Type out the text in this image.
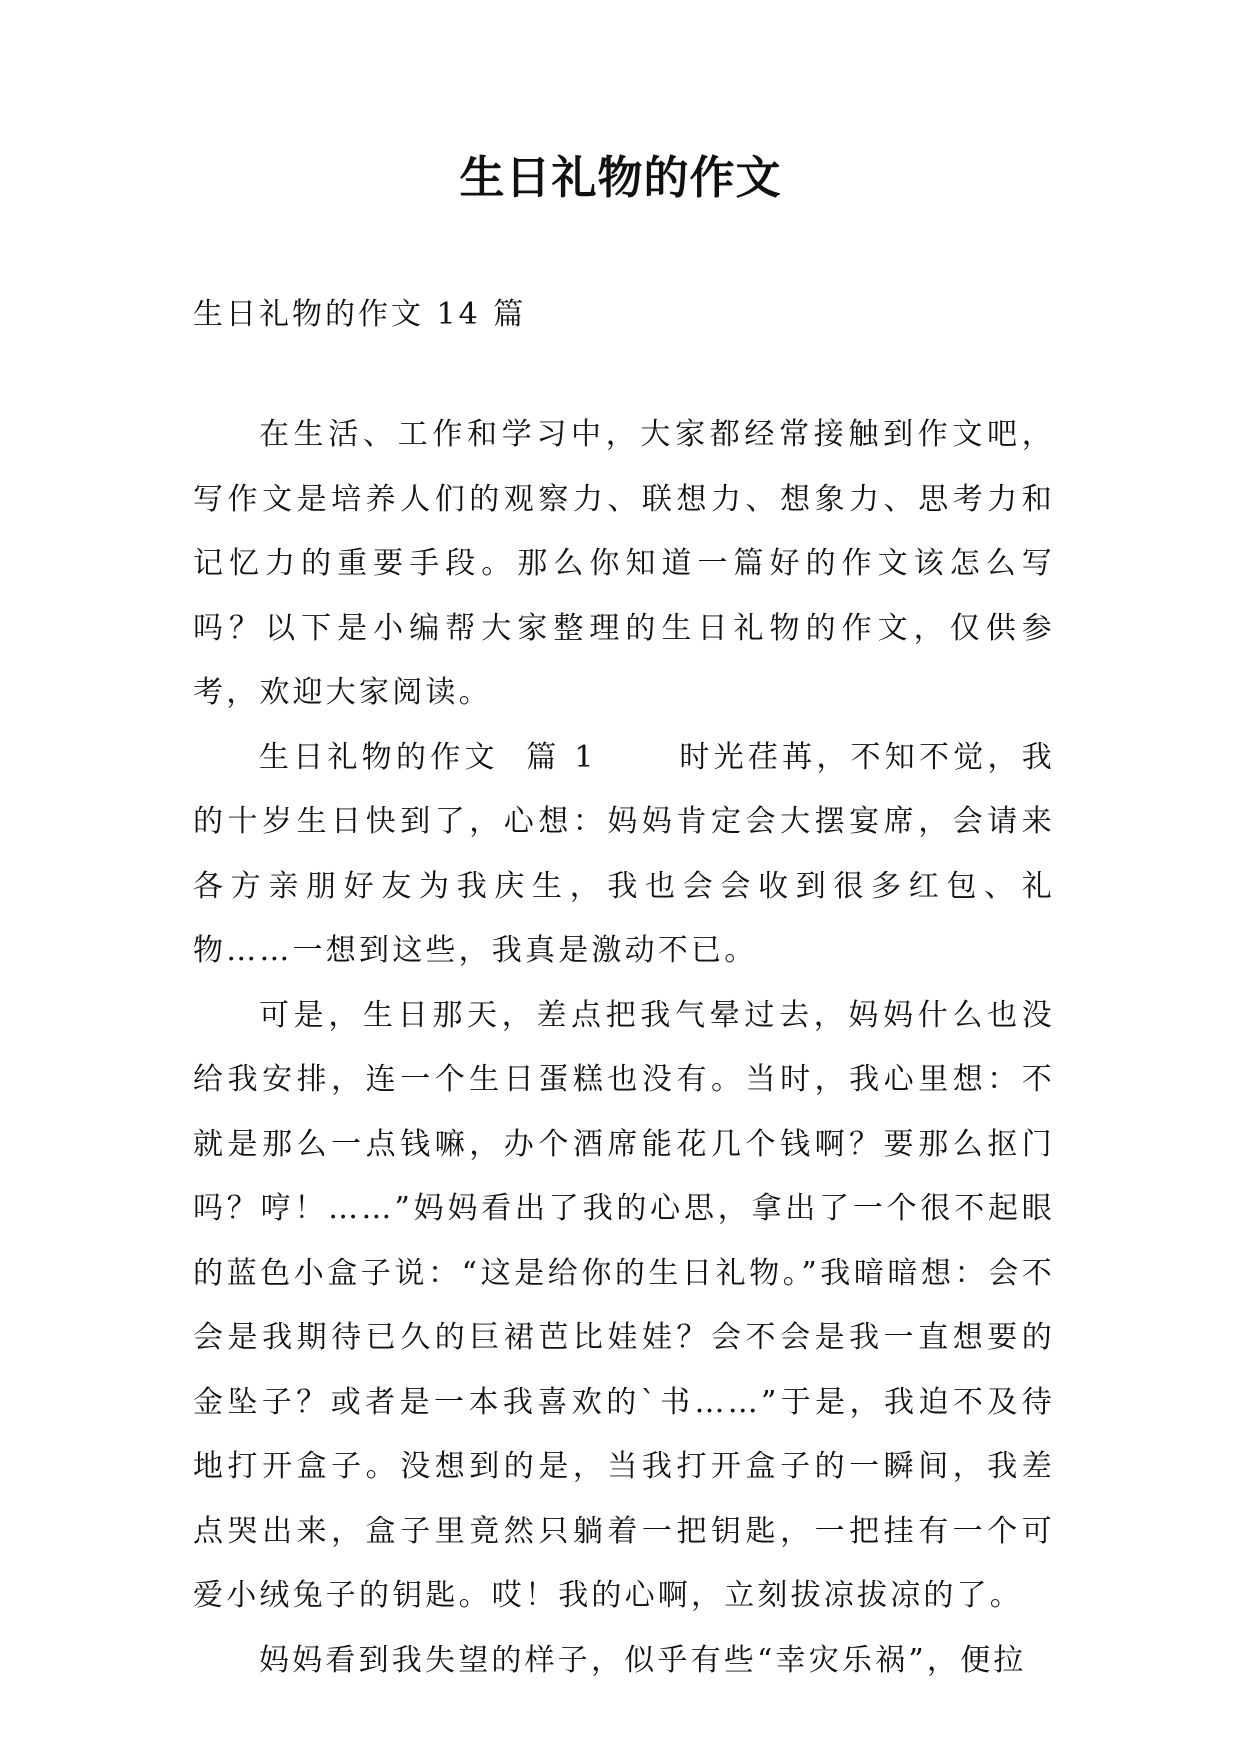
生日礼物的作文
生日礼物的作文 14 篇

在生活、工作和学习中，大家都经常接触到作文吧，写作文是培养人们的观察力、联想力、想象力、思考力和记忆力的重要手段。那么你知道一篇好的作文该怎么写吗？以下是小编帮大家整理的生日礼物的作文，仅供参考，欢迎大家阅读。

生日礼物的作文  篇 1	时光荏苒，不知不觉，我的十岁生日快到了，心想：妈妈肯定会大摆宴席，会请来各方亲朋好友为我庆生，我也会会收到很多红包、礼物……一想到这些，我真是激动不已。

可是，生日那天，差点把我气晕过去，妈妈什么也没给我安排，连一个生日蛋糕也没有。当时，我心里想：不就是那么一点钱嘛，办个酒席能花几个钱啊？要那么抠门吗？哼！……”妈妈看出了我的心思，拿出了一个很不起眼的蓝色小盒子说：“这是给你的生日礼物。”我暗暗想：会不会是我期待已久的巨裙芭比娃娃？会不会是我一直想要的金坠子？或者是一本我喜欢的`书……”于是，我迫不及待地打开盒子。没想到的是，当我打开盒子的一瞬间，我差点哭出来，盒子里竟然只躺着一把钥匙，一把挂有一个可爱小绒兔子的钥匙。哎！我的心啊，立刻拔凉拔凉的了。

妈妈看到我失望的样子，似乎有些“幸灾乐祸”，便拉
